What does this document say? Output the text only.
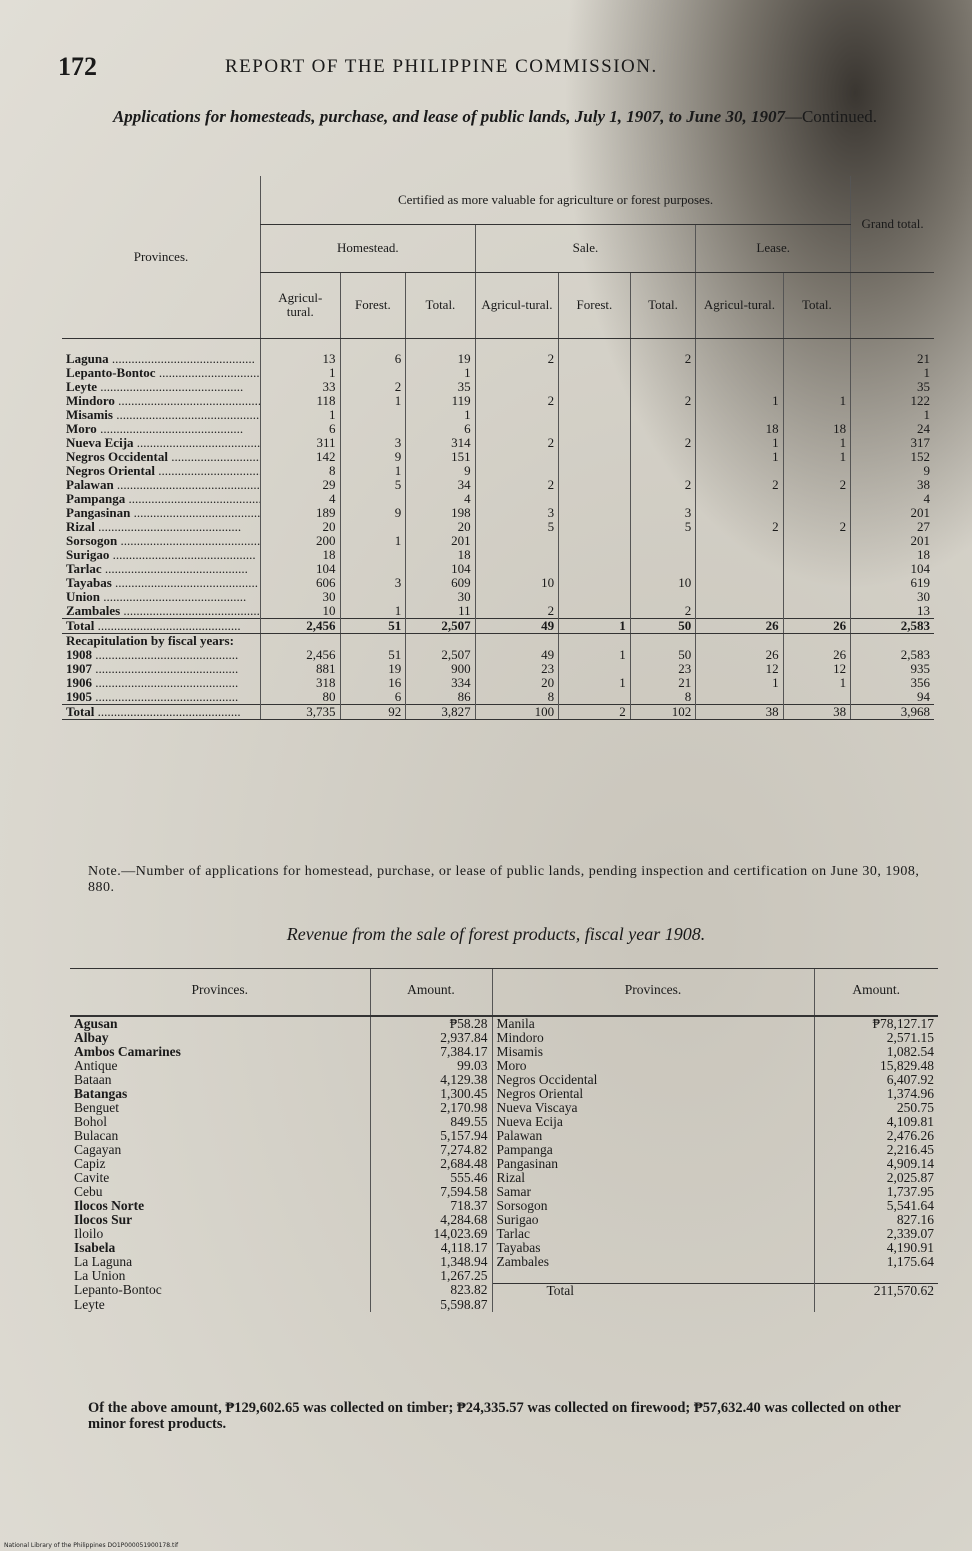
172	REPORT OF THE PHILIPPINE COMMISSION.
Applications for homesteads, purchase, and lease of public lands, July 1, 1907, to June 30, 1907—Continued.
Provinces.	Certified as more valuable for agriculture or forest purposes.								Grand total.
	Homestead.			Sale.			Lease.		
	Agricul-tural.	Forest.	Total.	Agricul-tural.	Forest.	Total.	Agricul-tural.	Total.	

Laguna .....	13	6	19	2		2			21
Lepanto-Bontoc .....	1		1						1
Leyte .....	33	2	35						35
Mindoro .....	118	1	119	2		2	1	1	122
Misamis .....	1		1						1
Moro .....	6		6				18	18	24
Nueva Ecija .....	311	3	314	2		2	1	1	317
Negros Occidental .....	142	9	151				1	1	152
Negros Oriental .....	8	1	9						9
Palawan .....	29	5	34	2		2	2	2	38
Pampanga .....	4		4						4
Pangasinan .....	189	9	198	3		3			201
Rizal .....	20		20	5		5	2	2	27
Sorsogon .....	200	1	201						201
Surigao .....	18		18						18
Tarlac .....	104		104						104
Tayabas .....	606	3	609	10		10			619
Union .....	30		30						30
Zambales .....	10	1	11	2		2			13
Total .....	2,456	51	2,507	49	1	50	26	26	2,583
Recapitulation by fiscal years:									
1908 .....	2,456	51	2,507	49	1	50	26	26	2,583
1907 .....	881	19	900	23		23	12	12	935
1906 .....	318	16	334	20	1	21	1	1	356
1905 .....	80	6	86	8		8			94
Total .....	3,735	92	3,827	100	2	102	38	38	3,968
Note.—Number of applications for homestead, purchase, or lease of public lands, pending inspection and certification on June 30, 1908, 880.
Revenue from the sale of forest products, fiscal year 1908.
Provinces.	Amount.	Provinces.	Amount.
Agusan	₱58.28	Manila	₱78,127.17
Albay	2,937.84	Mindoro	2,571.15
Ambos Camarines	7,384.17	Misamis	1,082.54
Antique	99.03	Moro	15,829.48
Bataan	4,129.38	Negros Occidental	6,407.92
Batangas	1,300.45	Negros Oriental	1,374.96
Benguet	2,170.98	Nueva Viscaya	250.75
Bohol	849.55	Nueva Ecija	4,109.81
Bulacan	5,157.94	Palawan	2,476.26
Cagayan	7,274.82	Pampanga	2,216.45
Capiz	2,684.48	Pangasinan	4,909.14
Cavite	555.46	Rizal	2,025.87
Cebu	7,594.58	Samar	1,737.95
Ilocos Norte	718.37	Sorsogon	5,541.64
Ilocos Sur	4,284.68	Surigao	827.16
Iloilo	14,023.69	Tarlac	2,339.07
Isabela	4,118.17	Tayabas	4,190.91
La Laguna	1,348.94	Zambales	1,175.64
La Union	1,267.25		
Lepanto-Bontoc	823.82	Total	211,570.62
Leyte	5,598.87		
Of the above amount, ₱129,602.65 was collected on timber; ₱24,335.57 was collected on firewood; ₱57,632.40 was collected on other minor forest products.
National Library of the Philippines DO1P000051900178.tif
